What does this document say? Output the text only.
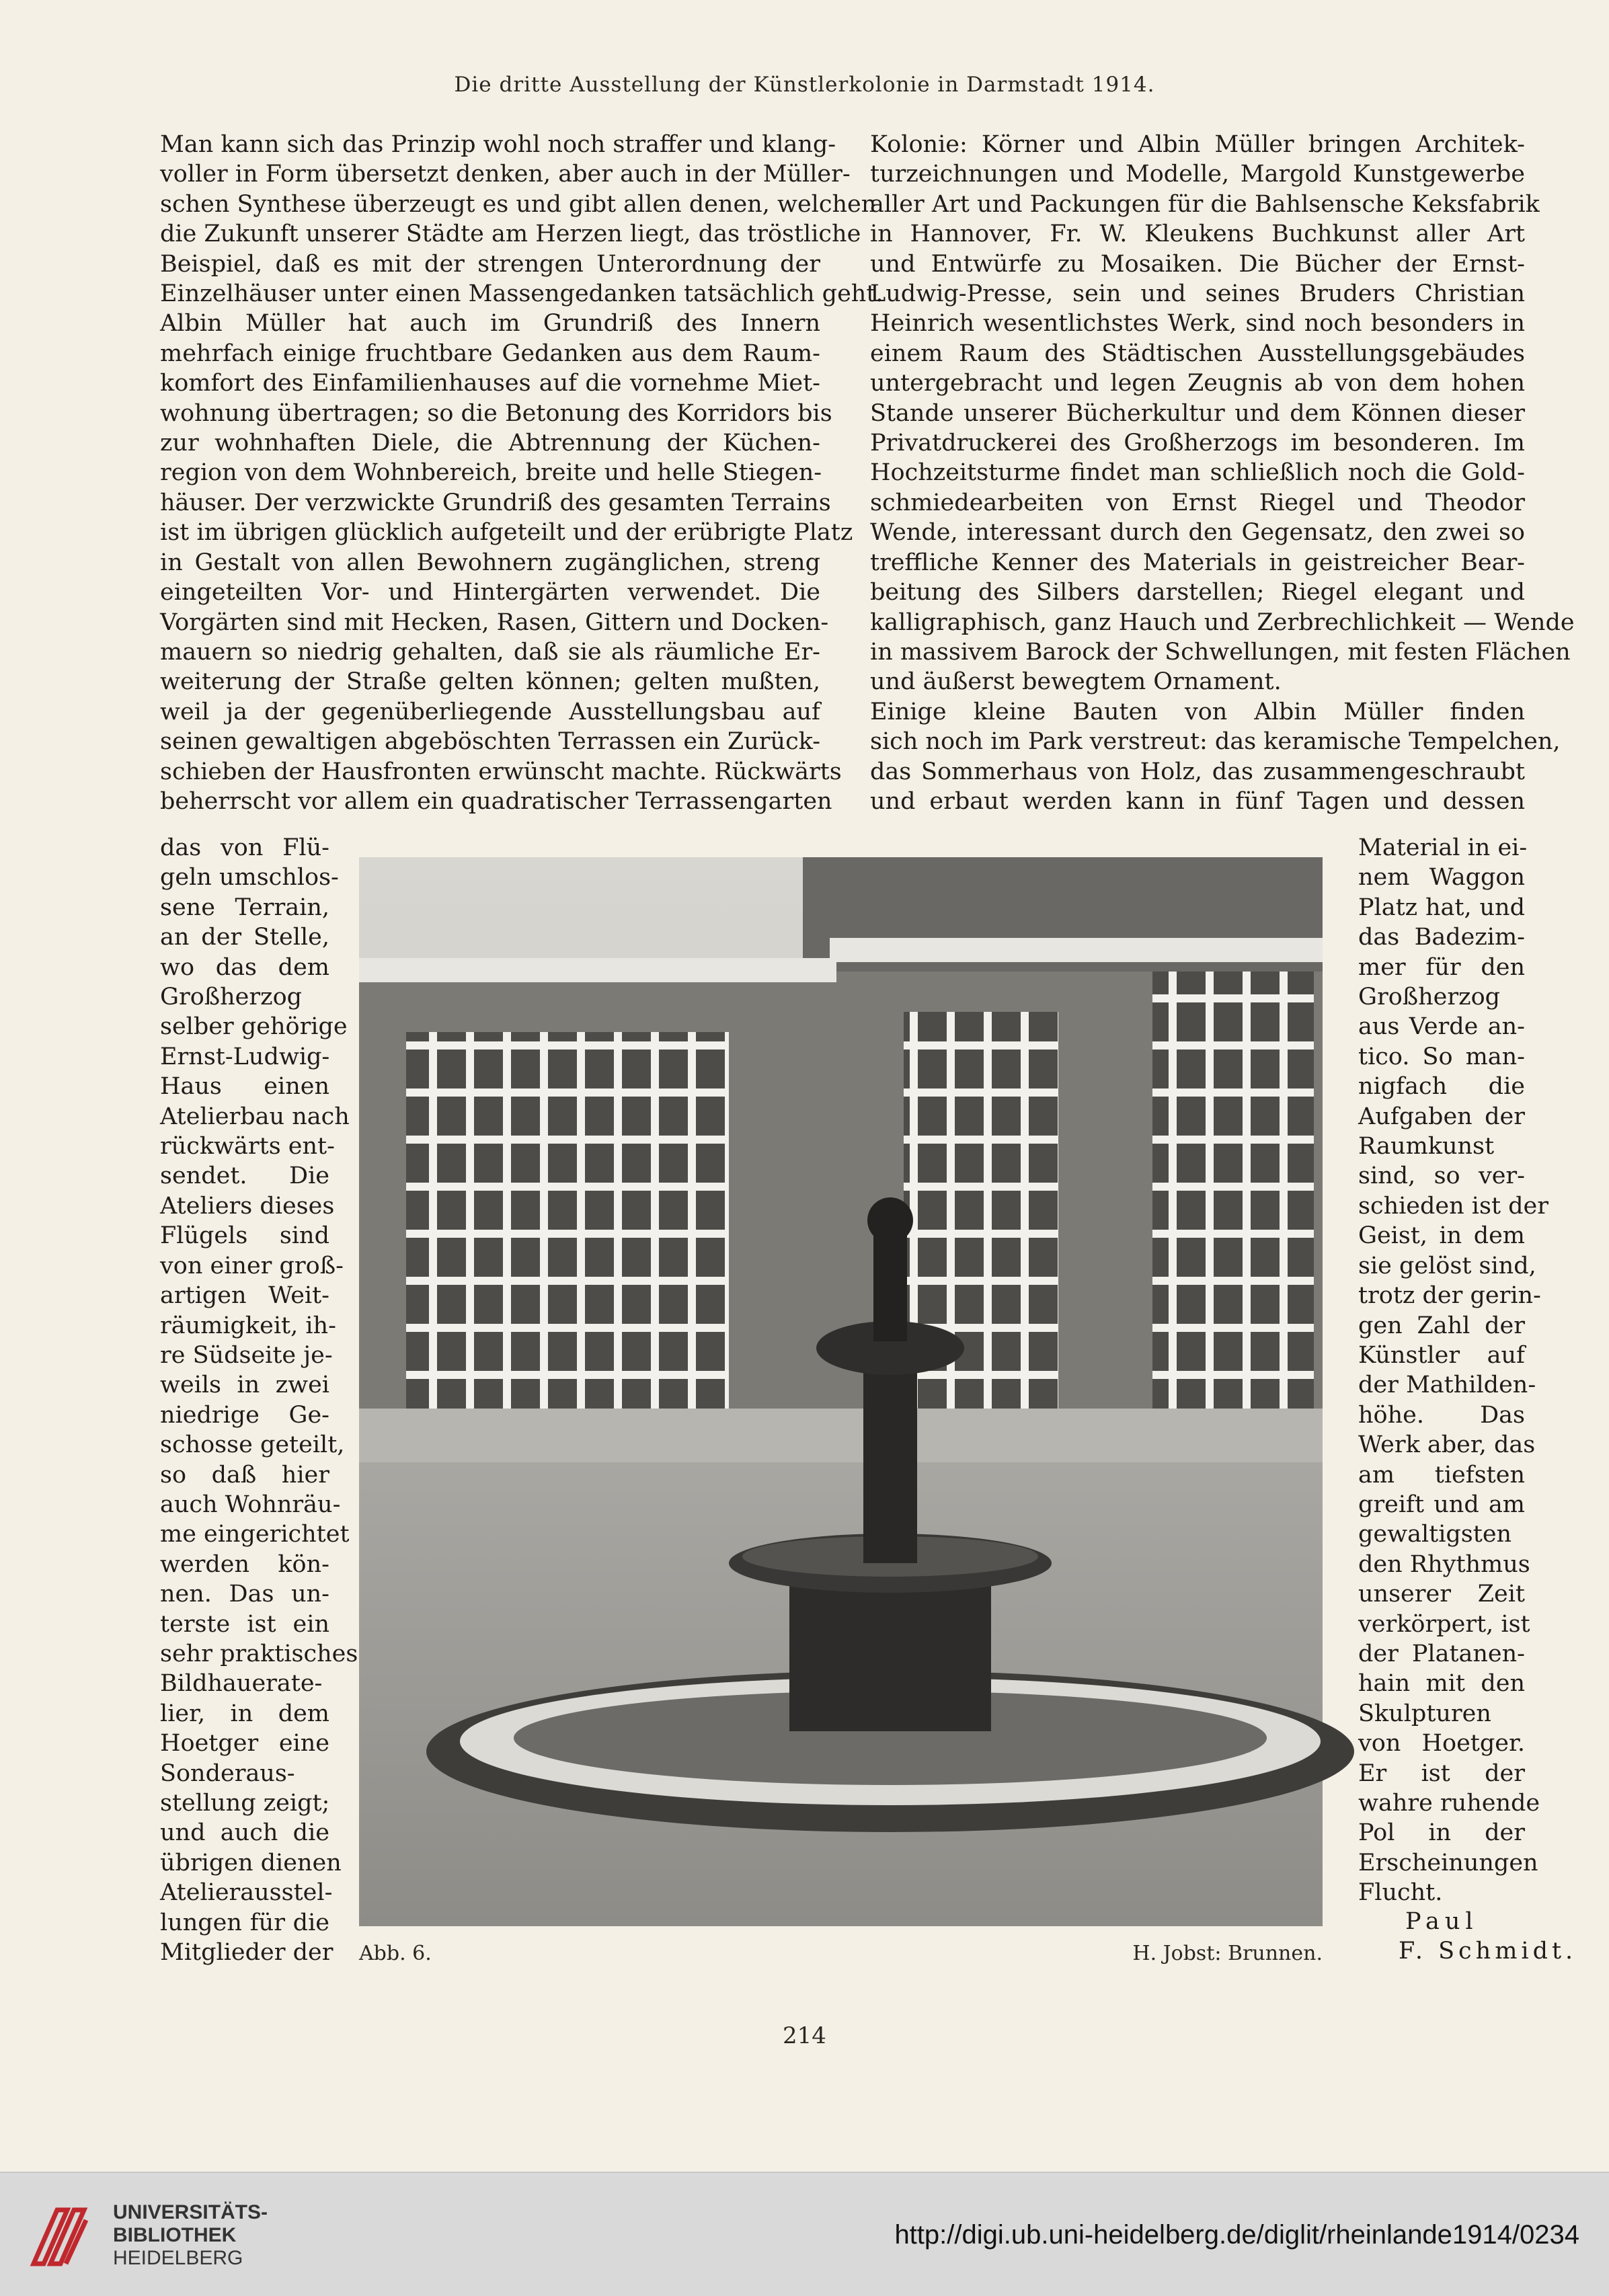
Die dritte Ausstellung der Künstlerkolonie in Darmstadt 1914.
Man kann sich das Prinzip wohl noch straffer und klang-
voller in Form übersetzt denken, aber auch in der Müller-
schen Synthese überzeugt es und gibt allen denen, welchen
die Zukunft unserer Städte am Herzen liegt, das tröstliche
Beispiel, daß es mit der strengen Unterordnung der
Einzelhäuser unter einen Massengedanken tatsächlich geht.
Albin Müller hat auch im Grundriß des Innern
mehrfach einige fruchtbare Gedanken aus dem Raum-
komfort des Einfamilienhauses auf die vornehme Miet-
wohnung übertragen; so die Betonung des Korridors bis
zur wohnhaften Diele, die Abtrennung der Küchen-
region von dem Wohnbereich, breite und helle Stiegen-
häuser. Der verzwickte Grundriß des gesamten Terrains
ist im übrigen glücklich aufgeteilt und der erübrigte Platz
in Gestalt von allen Bewohnern zugänglichen, streng
eingeteilten Vor- und Hintergärten verwendet. Die
Vorgärten sind mit Hecken, Rasen, Gittern und Docken-
mauern so niedrig gehalten, daß sie als räumliche Er-
weiterung der Straße gelten können; gelten mußten,
weil ja der gegenüberliegende Ausstellungsbau auf
seinen gewaltigen abgeböschten Terrassen ein Zurück-
schieben der Hausfronten erwünscht machte. Rückwärts
beherrscht vor allem ein quadratischer Terrassengarten
Kolonie: Körner und Albin Müller bringen Architek-
turzeichnungen und Modelle, Margold Kunstgewerbe
aller Art und Packungen für die Bahlsensche Keksfabrik
in Hannover, Fr. W. Kleukens Buchkunst aller Art
und Entwürfe zu Mosaiken. Die Bücher der Ernst-
Ludwig-Presse, sein und seines Bruders Christian
Heinrich wesentlichstes Werk, sind noch besonders in
einem Raum des Städtischen Ausstellungsgebäudes
untergebracht und legen Zeugnis ab von dem hohen
Stande unserer Bücherkultur und dem Können dieser
Privatdruckerei des Großherzogs im besonderen. Im
Hochzeitsturme findet man schließlich noch die Gold-
schmiedearbeiten von Ernst Riegel und Theodor
Wende, interessant durch den Gegensatz, den zwei so
treffliche Kenner des Materials in geistreicher Bear-
beitung des Silbers darstellen; Riegel elegant und
kalligraphisch, ganz Hauch und Zerbrechlichkeit — Wende
in massivem Barock der Schwellungen, mit festen Flächen
und äußerst bewegtem Ornament.
Einige kleine Bauten von Albin Müller finden
sich noch im Park verstreut: das keramische Tempelchen,
das Sommerhaus von Holz, das zusammengeschraubt
und erbaut werden kann in fünf Tagen und dessen
das von Flü-
geln umschlos-
sene Terrain,
an der Stelle,
wo das dem
Großherzog
selber gehörige
Ernst-Ludwig-
Haus einen
Atelierbau nach
rückwärts ent-
sendet. Die
Ateliers dieses
Flügels sind
von einer groß-
artigen Weit-
räumigkeit, ih-
re Südseite je-
weils in zwei
niedrige Ge-
schosse geteilt,
so daß hier
auch Wohnräu-
me eingerichtet
werden kön-
nen. Das un-
terste ist ein
sehr praktisches
Bildhauerate-
lier, in dem
Hoetger eine
Sonderaus-
stellung zeigt;
und auch die
übrigen dienen
Atelierausstel-
lungen für die
Mitglieder der
Material in ei-
nem Waggon
Platz hat, und
das Badezim-
mer für den
Großherzog
aus Verde an-
tico. So man-
nigfach die
Aufgaben der
Raumkunst
sind, so ver-
schieden ist der
Geist, in dem
sie gelöst sind,
trotz der gerin-
gen Zahl der
Künstler auf
der Mathilden-
höhe. Das
Werk aber, das
am tiefsten
greift und am
gewaltigsten
den Rhythmus
unserer Zeit
verkörpert, ist
der Platanen-
hain mit den
Skulpturen
von Hoetger.
Er ist der
wahre ruhende
Pol in der
Erscheinungen
Flucht.
Abb. 6.	H. Jobst: Brunnen.
Paul
F. Schmidt.
214
UNIVERSITÄTS-
BIBLIOTHEK
HEIDELBERG
http://digi.ub.uni-heidelberg.de/diglit/rheinlande1914/0234
